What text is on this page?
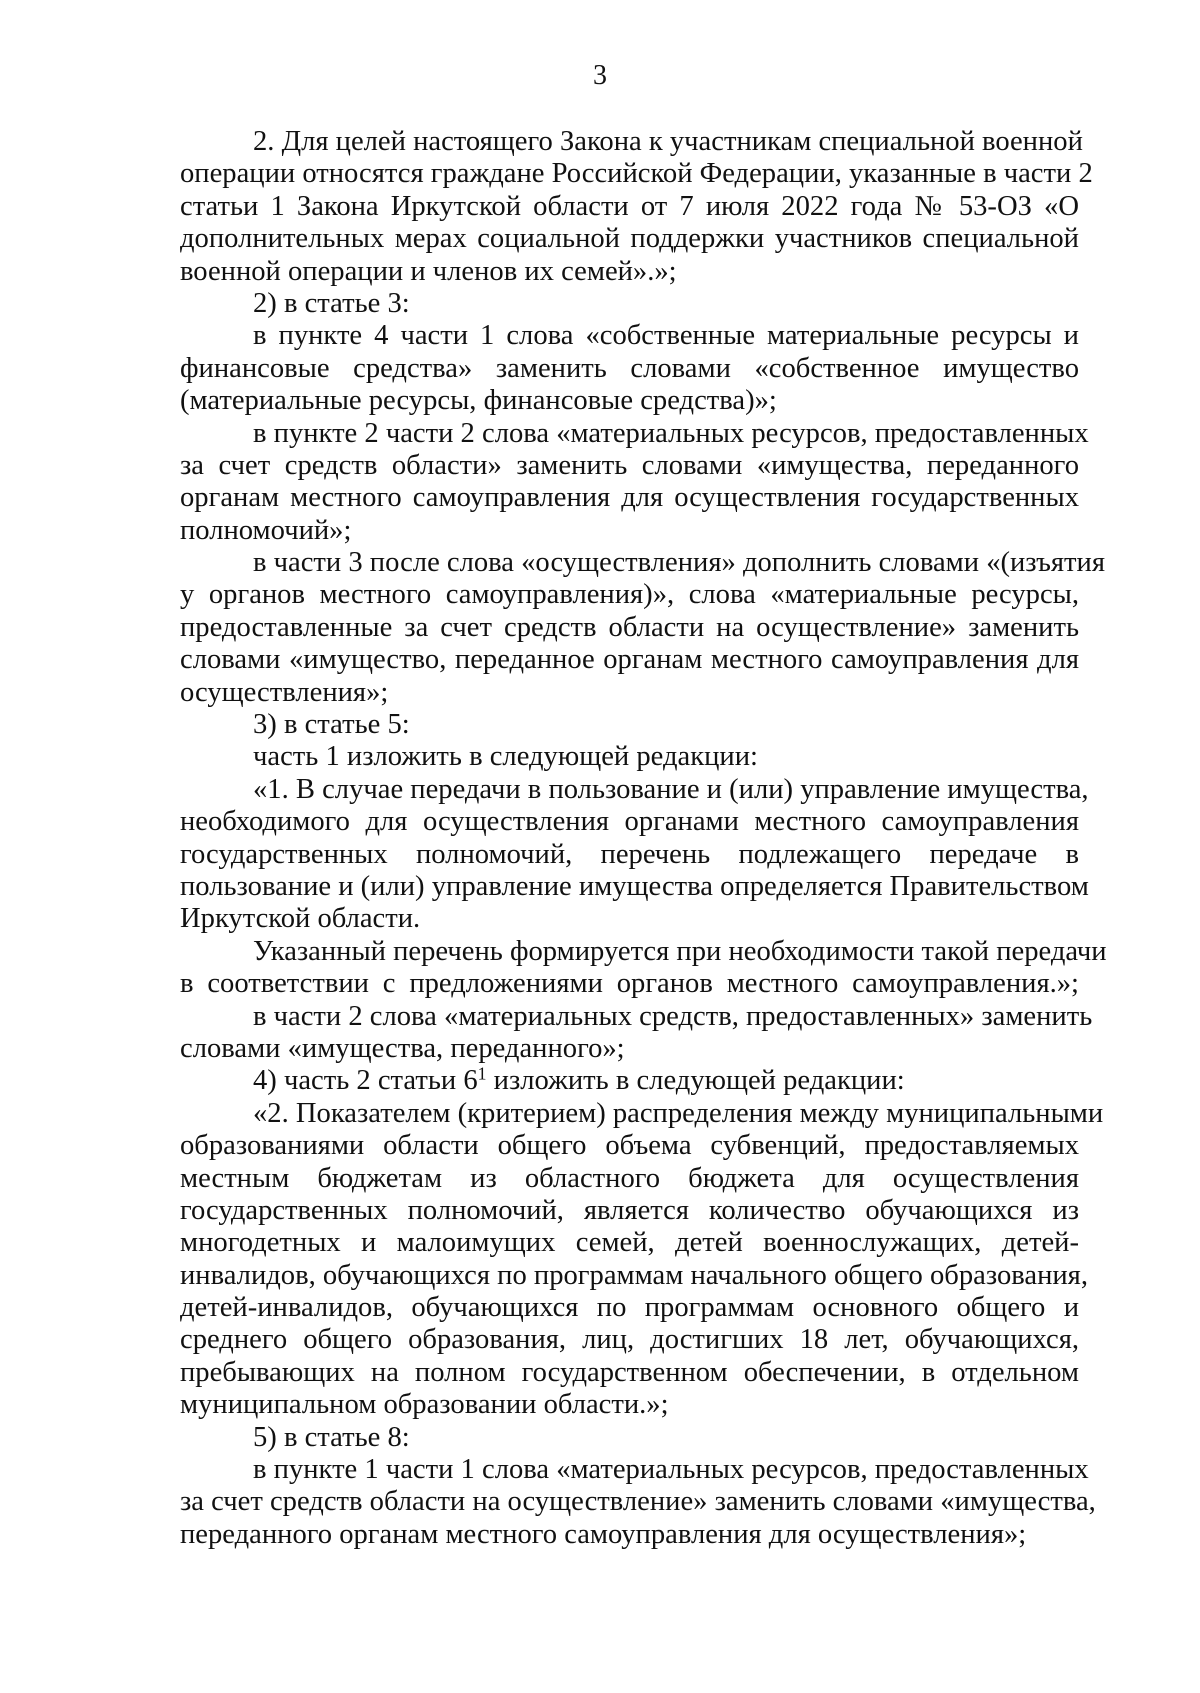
3
2. Для целей настоящего Закона к участникам специальной военной
операции относятся граждане Российской Федерации, указанные в части 2
статьи 1 Закона Иркутской области от 7 июля 2022 года № 53-ОЗ «О
дополнительных мерах социальной поддержки участников специальной
военной операции и членов их семей».»;
2) в статье 3:
в пункте 4 части 1 слова «собственные материальные ресурсы и
финансовые средства» заменить словами «собственное имущество
(материальные ресурсы, финансовые средства)»;
в пункте 2 части 2 слова «материальных ресурсов, предоставленных
за счет средств области» заменить словами «имущества, переданного
органам местного самоуправления для осуществления государственных
полномочий»;
в части 3 после слова «осуществления» дополнить словами «(изъятия
у органов местного самоуправления)», слова «материальные ресурсы,
предоставленные за счет средств области на осуществление» заменить
словами «имущество, переданное органам местного самоуправления для
осуществления»;
3) в статье 5:
часть 1 изложить в следующей редакции:
«1. В случае передачи в пользование и (или) управление имущества,
необходимого для осуществления органами местного самоуправления
государственных полномочий, перечень подлежащего передаче в
пользование и (или) управление имущества определяется Правительством
Иркутской области.
Указанный перечень формируется при необходимости такой передачи
в соответствии с предложениями органов местного самоуправления.»;
в части 2 слова «материальных средств, предоставленных» заменить
словами «имущества, переданного»;
4) часть 2 статьи $6^1$ изложить в следующей редакции:
«2. Показателем (критерием) распределения между муниципальными
образованиями области общего объема субвенций, предоставляемых
местным бюджетам из областного бюджета для осуществления
государственных полномочий, является количество обучающихся из
многодетных и малоимущих семей, детей военнослужащих, детей-
инвалидов, обучающихся по программам начального общего образования,
детей-инвалидов, обучающихся по программам основного общего и
среднего общего образования, лиц, достигших 18 лет, обучающихся,
пребывающих на полном государственном обеспечении, в отдельном
муниципальном образовании области.»;
5) в статье 8:
в пункте 1 части 1 слова «материальных ресурсов, предоставленных
за счет средств области на осуществление» заменить словами «имущества,
переданного органам местного самоуправления для осуществления»;
